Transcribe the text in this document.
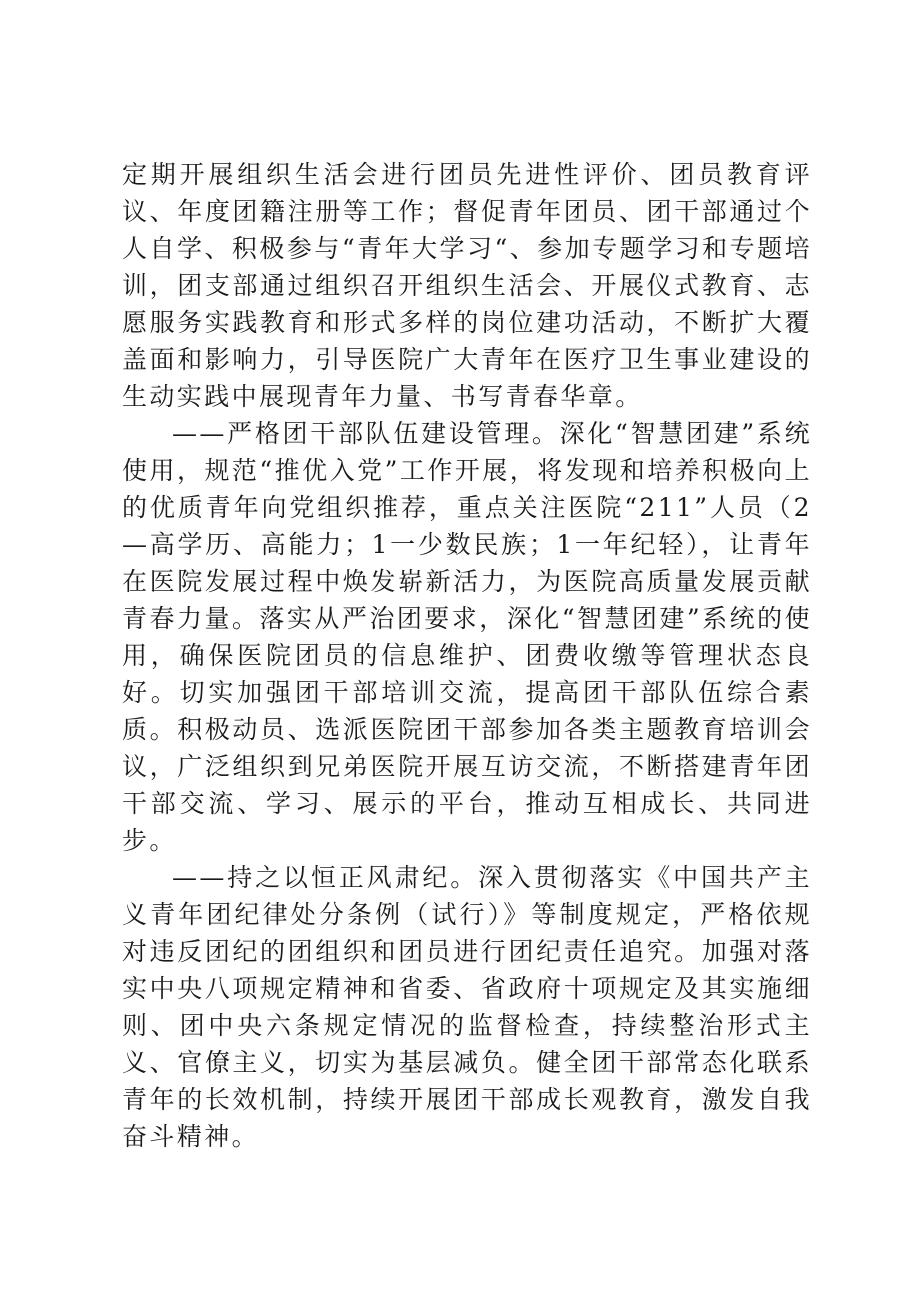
定期开展组织生活会进行团员先进性评价、团员教育评议、年度团籍注册等工作；督促青年团员、团干部通过个人自学、积极参与“青年大学习“、参加专题学习和专题培训，团支部通过组织召开组织生活会、开展仪式教育、志愿服务实践教育和形式多样的岗位建功活动，不断扩大覆盖面和影响力，引导医院广大青年在医疗卫生事业建设的生动实践中展现青年力量、书写青春华章。

——严格团干部队伍建设管理。深化“智慧团建”系统使用，规范“推优入党”工作开展，将发现和培养积极向上的优质青年向党组织推荐，重点关注医院“211”人员（2—高学历、高能力；1一少数民族；1一年纪轻），让青年在医院发展过程中焕发崭新活力，为医院高质量发展贡献青春力量。落实从严治团要求，深化“智慧团建”系统的使用，确保医院团员的信息维护、团费收缴等管理状态良好。切实加强团干部培训交流，提高团干部队伍综合素质。积极动员、选派医院团干部参加各类主题教育培训会议，广泛组织到兄弟医院开展互访交流，不断搭建青年团干部交流、学习、展示的平台，推动互相成长、共同进步。

——持之以恒正风肃纪。深入贯彻落实《中国共产主义青年团纪律处分条例（试行）》等制度规定，严格依规对违反团纪的团组织和团员进行团纪责任追究。加强对落实中央八项规定精神和省委、省政府十项规定及其实施细则、团中央六条规定情况的监督检查，持续整治形式主义、官僚主义，切实为基层减负。健全团干部常态化联系青年的长效机制，持续开展团干部成长观教育，激发自我奋斗精神。
